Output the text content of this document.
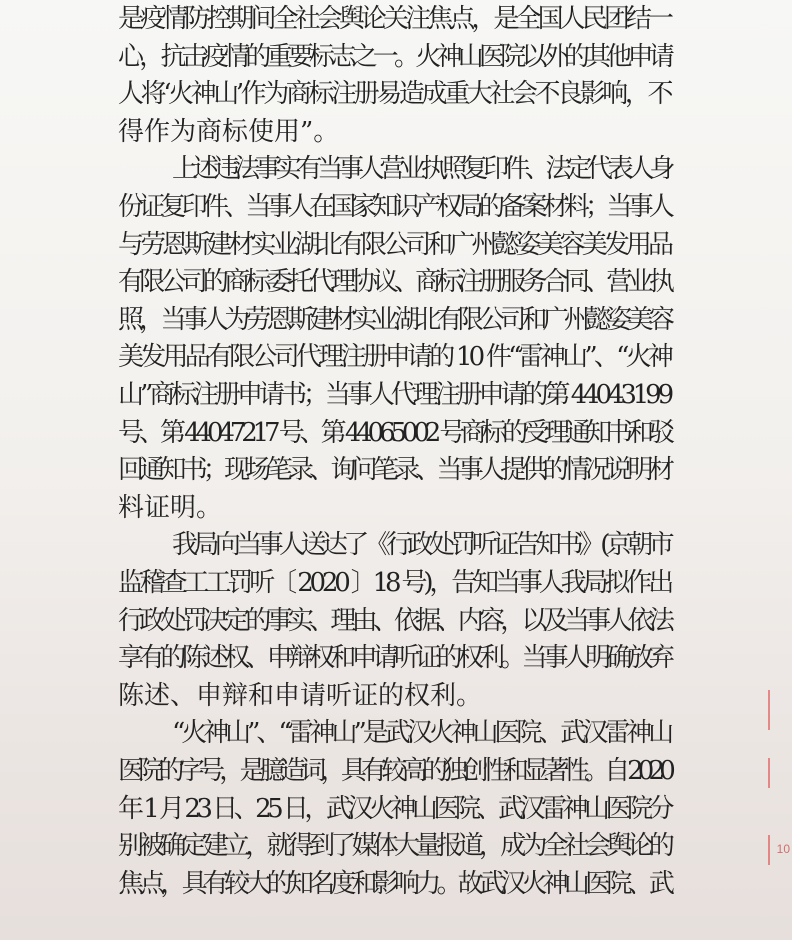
是疫情防控期间全社会舆论关注焦点，是全国人民团结一
心，抗击疫情的重要标志之一。火神山医院以外的其他申请
人将‘火神山’作为商标注册易造成重大社会不良影响，不
得作为商标使用”。
上述违法事实有当事人营业执照复印件、法定代表人身
份证复印件、当事人在国家知识产权局的备案材料；当事人
与劳恩斯建材实业湖北有限公司和广州懿姿美容美发用品
有限公司的商标委托代理协议、商标注册服务合同、营业执
照，当事人为劳恩斯建材实业湖北有限公司和广州懿姿美容
美发用品有限公司代理注册申请的 10 件“雷神山”、“火神
山”商标注册申请书；当事人代理注册申请的第 44043199
号、第 44047217 号、第 44065002 号商标的受理通知书和驳
回通知书；现场笔录、询问笔录、当事人提供的情况说明材
料证明。
我局向当事人送达了《行政处罚听证告知书》(京朝市
监稽查工工罚听〔 2020 〕18 号)，告知当事人我局拟作出
行政处罚决定的事实、理由、依据、内容，以及当事人依法
享有的陈述权、申辩权和申请听证的权利。当事人明确放弃
陈述、申辩和申请听证的权利。
“火神山”、“雷神山”是武汉火神山医院、武汉雷神山
医院的字号，是臆造词，具有较高的独创性和显著性。自 2020
年 1 月 23 日、25 日，武汉火神山医院、武汉雷神山医院分
别被确定建立，就得到了媒体大量报道，成为全社会舆论的
焦点，具有较大的知名度和影响力。故武汉火神山医院、武
10
